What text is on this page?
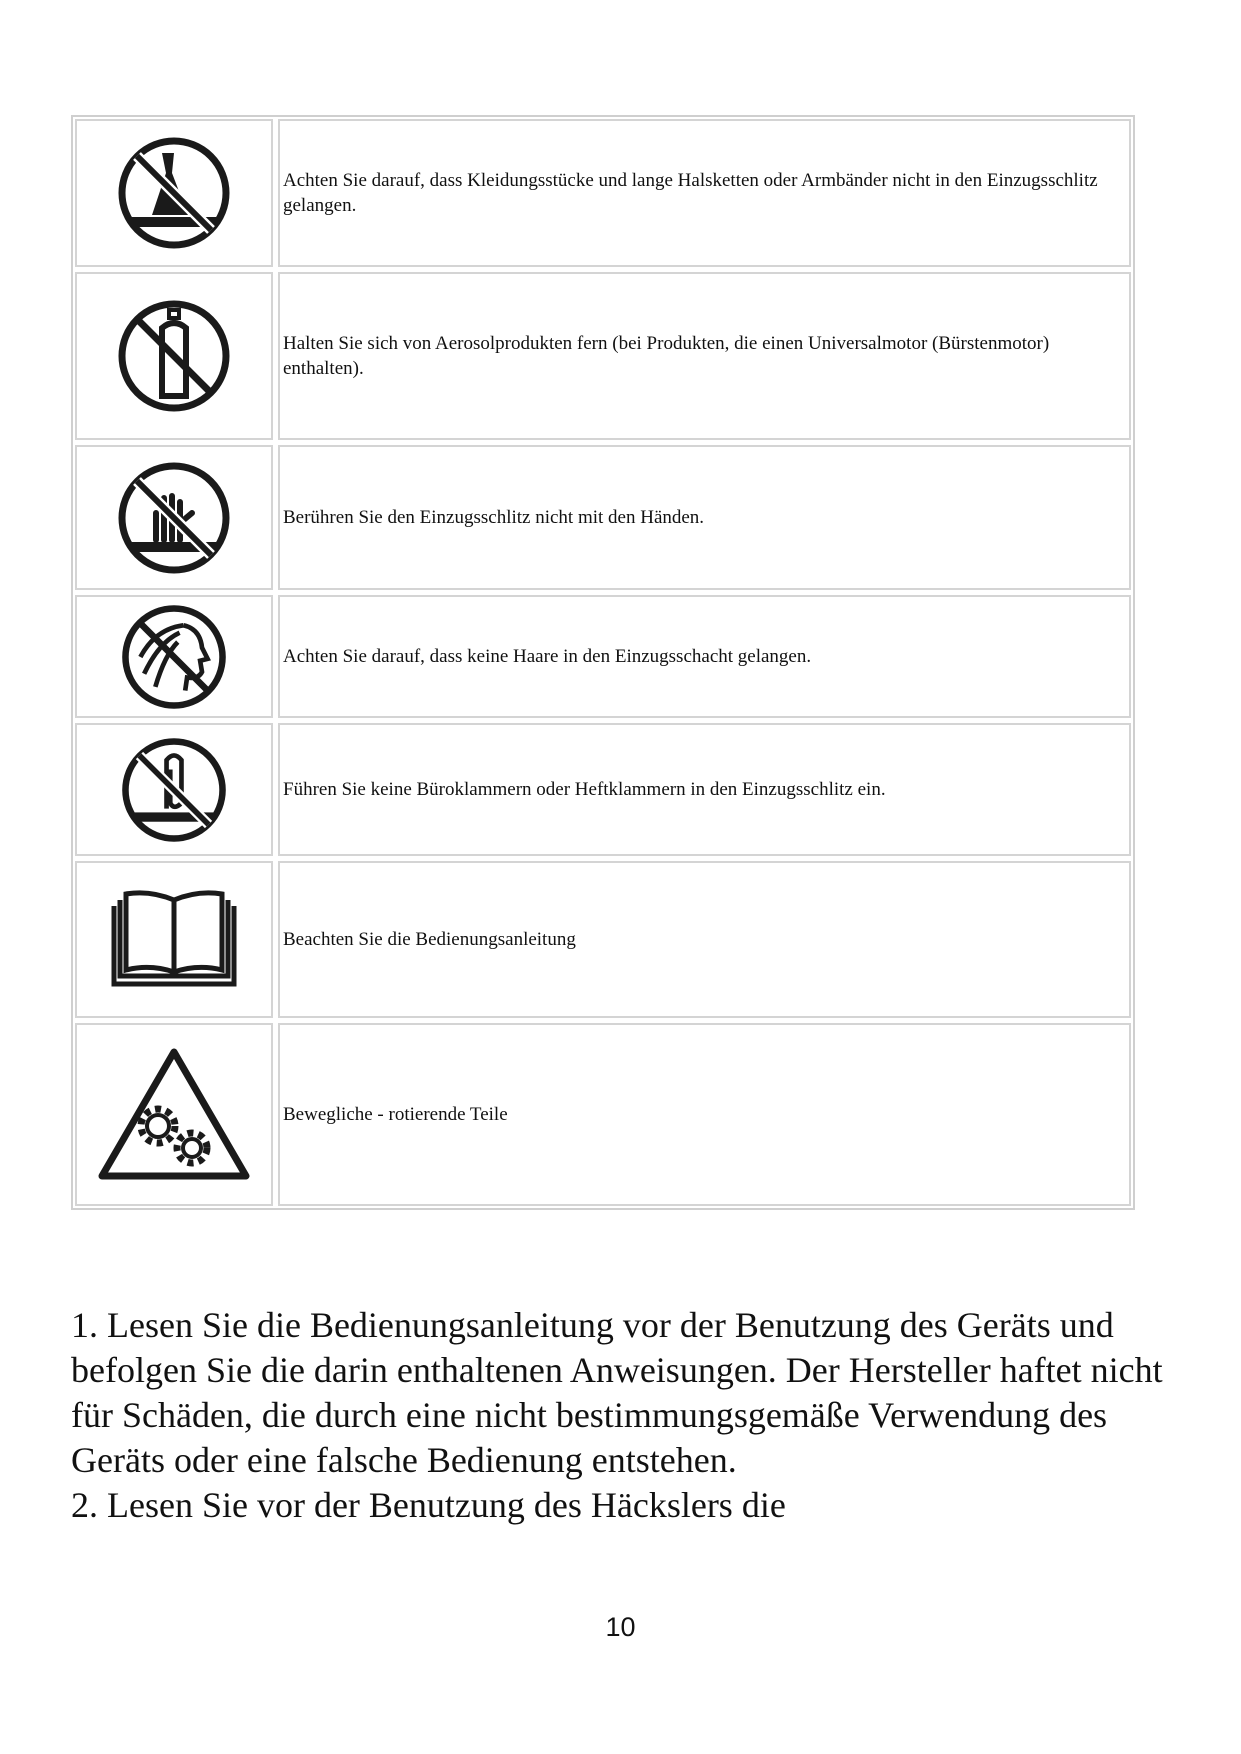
Achten Sie darauf, dass Kleidungsstücke und lange Halsketten oder Armbänder nicht in den Einzugsschlitz gelangen.
Halten Sie sich von Aerosolprodukten fern (bei Produkten, die einen Universalmotor (Bürstenmotor) enthalten).
Berühren Sie den Einzugsschlitz nicht mit den Händen.
Achten Sie darauf, dass keine Haare in den Einzugsschacht gelangen.
Führen Sie keine Büroklammern oder Heftklammern in den Einzugsschlitz ein.
Beachten Sie die Bedienungsanleitung
Bewegliche - rotierende Teile

1. Lesen Sie die Bedienungsanleitung vor der Benutzung des Geräts und befolgen Sie die darin enthaltenen Anweisungen. Der Hersteller haftet nicht für Schäden, die durch eine nicht bestimmungsgemäße Verwendung des Geräts oder eine falsche Bedienung entstehen.

2. Lesen Sie vor der Benutzung des Häckslers die

10
